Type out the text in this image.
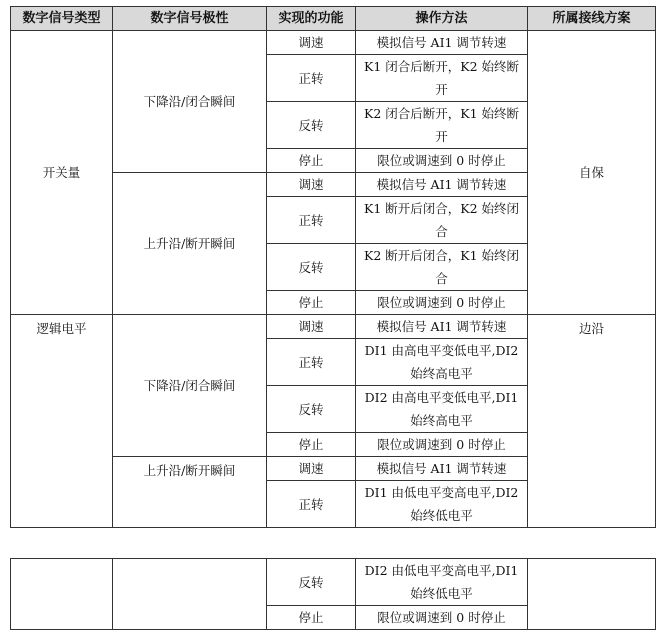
数字信号类型	数字信号极性	实现的功能	操作方法	所属接线方案
开关量	下降沿/闭合瞬间	调速	模拟信号 AI1 调节转速	自保
		正转	K1 闭合后断开，K2 始终断开	
		反转	K2 闭合后断开，K1 始终断开	
		停止	限位或调速到 0 时停止	
	上升沿/断开瞬间	调速	模拟信号 AI1 调节转速	
		正转	K1 断开后闭合，K2 始终闭合	
		反转	K2 断开后闭合，K1 始终闭合	
		停止	限位或调速到 0 时停止	
逻辑电平	下降沿/闭合瞬间	调速	模拟信号 AI1 调节转速	边沿
		正转	DI1 由高电平变低电平,DI2 始终高电平	
		反转	DI2 由高电平变低电平,DI1 始终高电平	
		停止	限位或调速到 0 时停止	
	上升沿/断开瞬间	调速	模拟信号 AI1 调节转速	
		正转	DI1 由低电平变高电平,DI2 始终低电平	
		反转	DI2 由低电平变高电平,DI1 始终低电平	
		停止	限位或调速到 0 时停止	
